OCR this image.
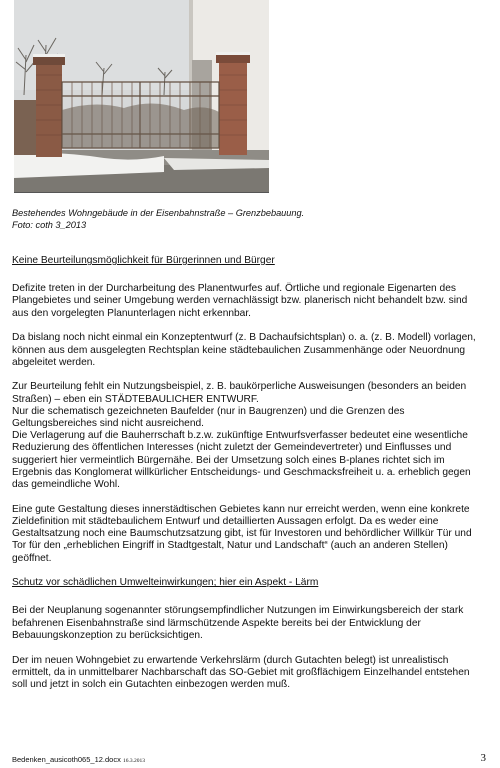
Bestehendes Wohngebäude in der Eisenbahnstraße – Grenzbebauung.
Foto: coth 3_2013

Keine Beurteilungsmöglichkeit für Bürgerinnen und Bürger

Defizite treten in der Durcharbeitung des Planentwurfes auf. Örtliche und regionale Eigenarten des Plangebietes und seiner Umgebung werden vernachlässigt bzw. planerisch nicht behandelt bzw. sind aus den vorgelegten Planunterlagen nicht erkennbar.

Da bislang noch nicht einmal ein Konzeptentwurf (z. B Dachaufsichtsplan) o. a. (z. B. Modell) vorlagen, können aus dem ausgelegten Rechtsplan keine städtebaulichen Zusammenhänge oder Neuordnung abgeleitet werden.

Zur Beurteilung fehlt ein Nutzungsbeispiel, z. B. baukörperliche Ausweisungen (besonders an beiden Straßen) – eben ein STÄDTEBAULICHER ENTWURF.

Nur die schematisch gezeichneten Baufelder (nur in Baugrenzen) und die Grenzen des Geltungsbereiches sind nicht ausreichend.

Die Verlagerung auf die Bauherrschaft b.z.w. zukünftige Entwurfsverfasser bedeutet eine wesentliche Reduzierung des öffentlichen Interesses (nicht zuletzt der Gemeindevertreter) und Einflusses und suggeriert hier vermeintlich Bürgernähe. Bei der Umsetzung solch eines B-planes richtet sich im Ergebnis das Konglomerat willkürlicher Entscheidungs- und Geschmacksfreiheit u. a. erheblich gegen das gemeindliche Wohl.

Eine gute Gestaltung dieses innerstädtischen Gebietes kann nur erreicht werden, wenn eine konkrete Zieldefinition mit städtebaulichem Entwurf und detaillierten Aussagen erfolgt. Da es weder eine Gestaltsatzung noch eine Baumschutzsatzung gibt, ist für Investoren und behördlicher Willkür Tür und Tor für den „erheblichen Eingriff in Stadtgestalt, Natur und Landschaft“ (auch an anderen Stellen) geöffnet.

Schutz vor schädlichen Umwelteinwirkungen; hier ein Aspekt - Lärm

Bei der Neuplanung sogenannter störungsempfindlicher Nutzungen im Einwirkungsbereich der stark befahrenen Eisenbahnstraße sind lärmschützende Aspekte bereits bei der Entwicklung der Bebauungskonzeption zu berücksichtigen.

Der im neuen Wohngebiet zu erwartende Verkehrslärm (durch Gutachten belegt) ist unrealistisch ermittelt, da in unmittelbarer Nachbarschaft das SO-Gebiet mit großflächigem Einzelhandel entstehen soll und jetzt in solch ein Gutachten einbezogen werden muß.

Bedenken_ausicoth065_12.docx 16.3.2013	3
